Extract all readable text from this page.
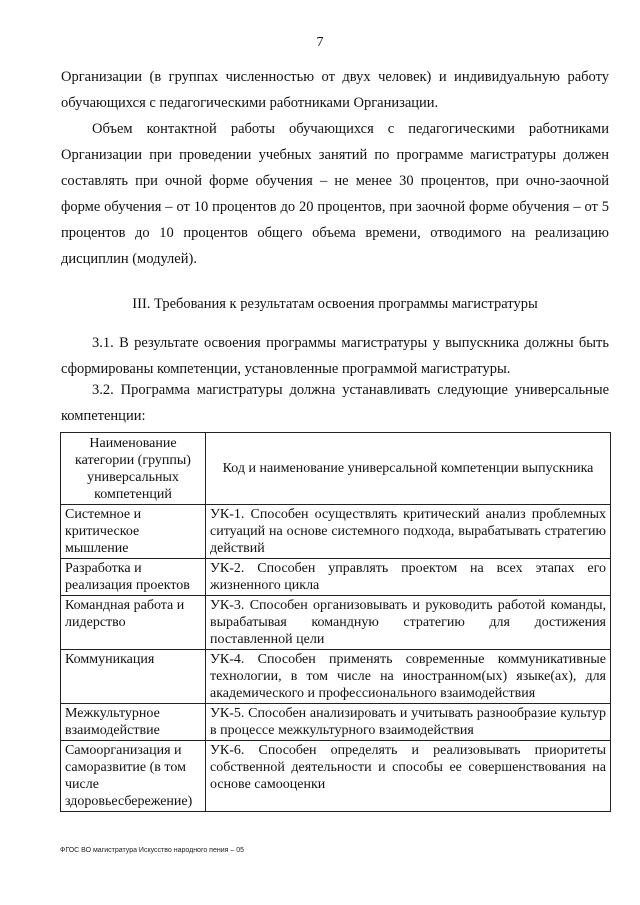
7

Организации (в группах численностью от двух человек) и индивидуальную работу обучающихся с педагогическими работниками Организации.

Объем контактной работы обучающихся с педагогическими работниками Организации при проведении учебных занятий по программе магистратуры должен составлять при очной форме обучения – не менее 30 процентов, при очно-заочной форме обучения – от 10 процентов до 20 процентов, при заочной форме обучения – от 5 процентов до 10 процентов общего объема времени, отводимого на реализацию дисциплин (модулей).

III. Требования к результатам освоения программы магистратуры

3.1. В результате освоения программы магистратуры у выпускника должны быть сформированы компетенции, установленные программой магистратуры.

3.2. Программа магистратуры должна устанавливать следующие универсальные компетенции:

Наименование категории (группы) универсальных компетенций	Код и наименование универсальной компетенции выпускника
Системное и критическое мышление	УК-1. Способен осуществлять критический анализ проблемных ситуаций на основе системного подхода, вырабатывать стратегию действий
Разработка и реализация проектов	УК-2. Способен управлять проектом на всех этапах его жизненного цикла
Командная работа и лидерство	УК-3. Способен организовывать и руководить работой команды, вырабатывая командную стратегию для достижения поставленной цели
Коммуникация	УК-4. Способен применять современные коммуникативные технологии, в том числе на иностранном(ых) языке(ах), для академического и профессионального взаимодействия
Межкультурное взаимодействие	УК-5. Способен анализировать и учитывать разнообразие культур в процессе межкультурного взаимодействия
Самоорганизация и саморазвитие (в том числе здоровьесбережение)	УК-6. Способен определять и реализовывать приоритеты собственной деятельности и способы ее совершенствования на основе самооценки
ФГОС ВО магистратура Искусство народного пения – 05
